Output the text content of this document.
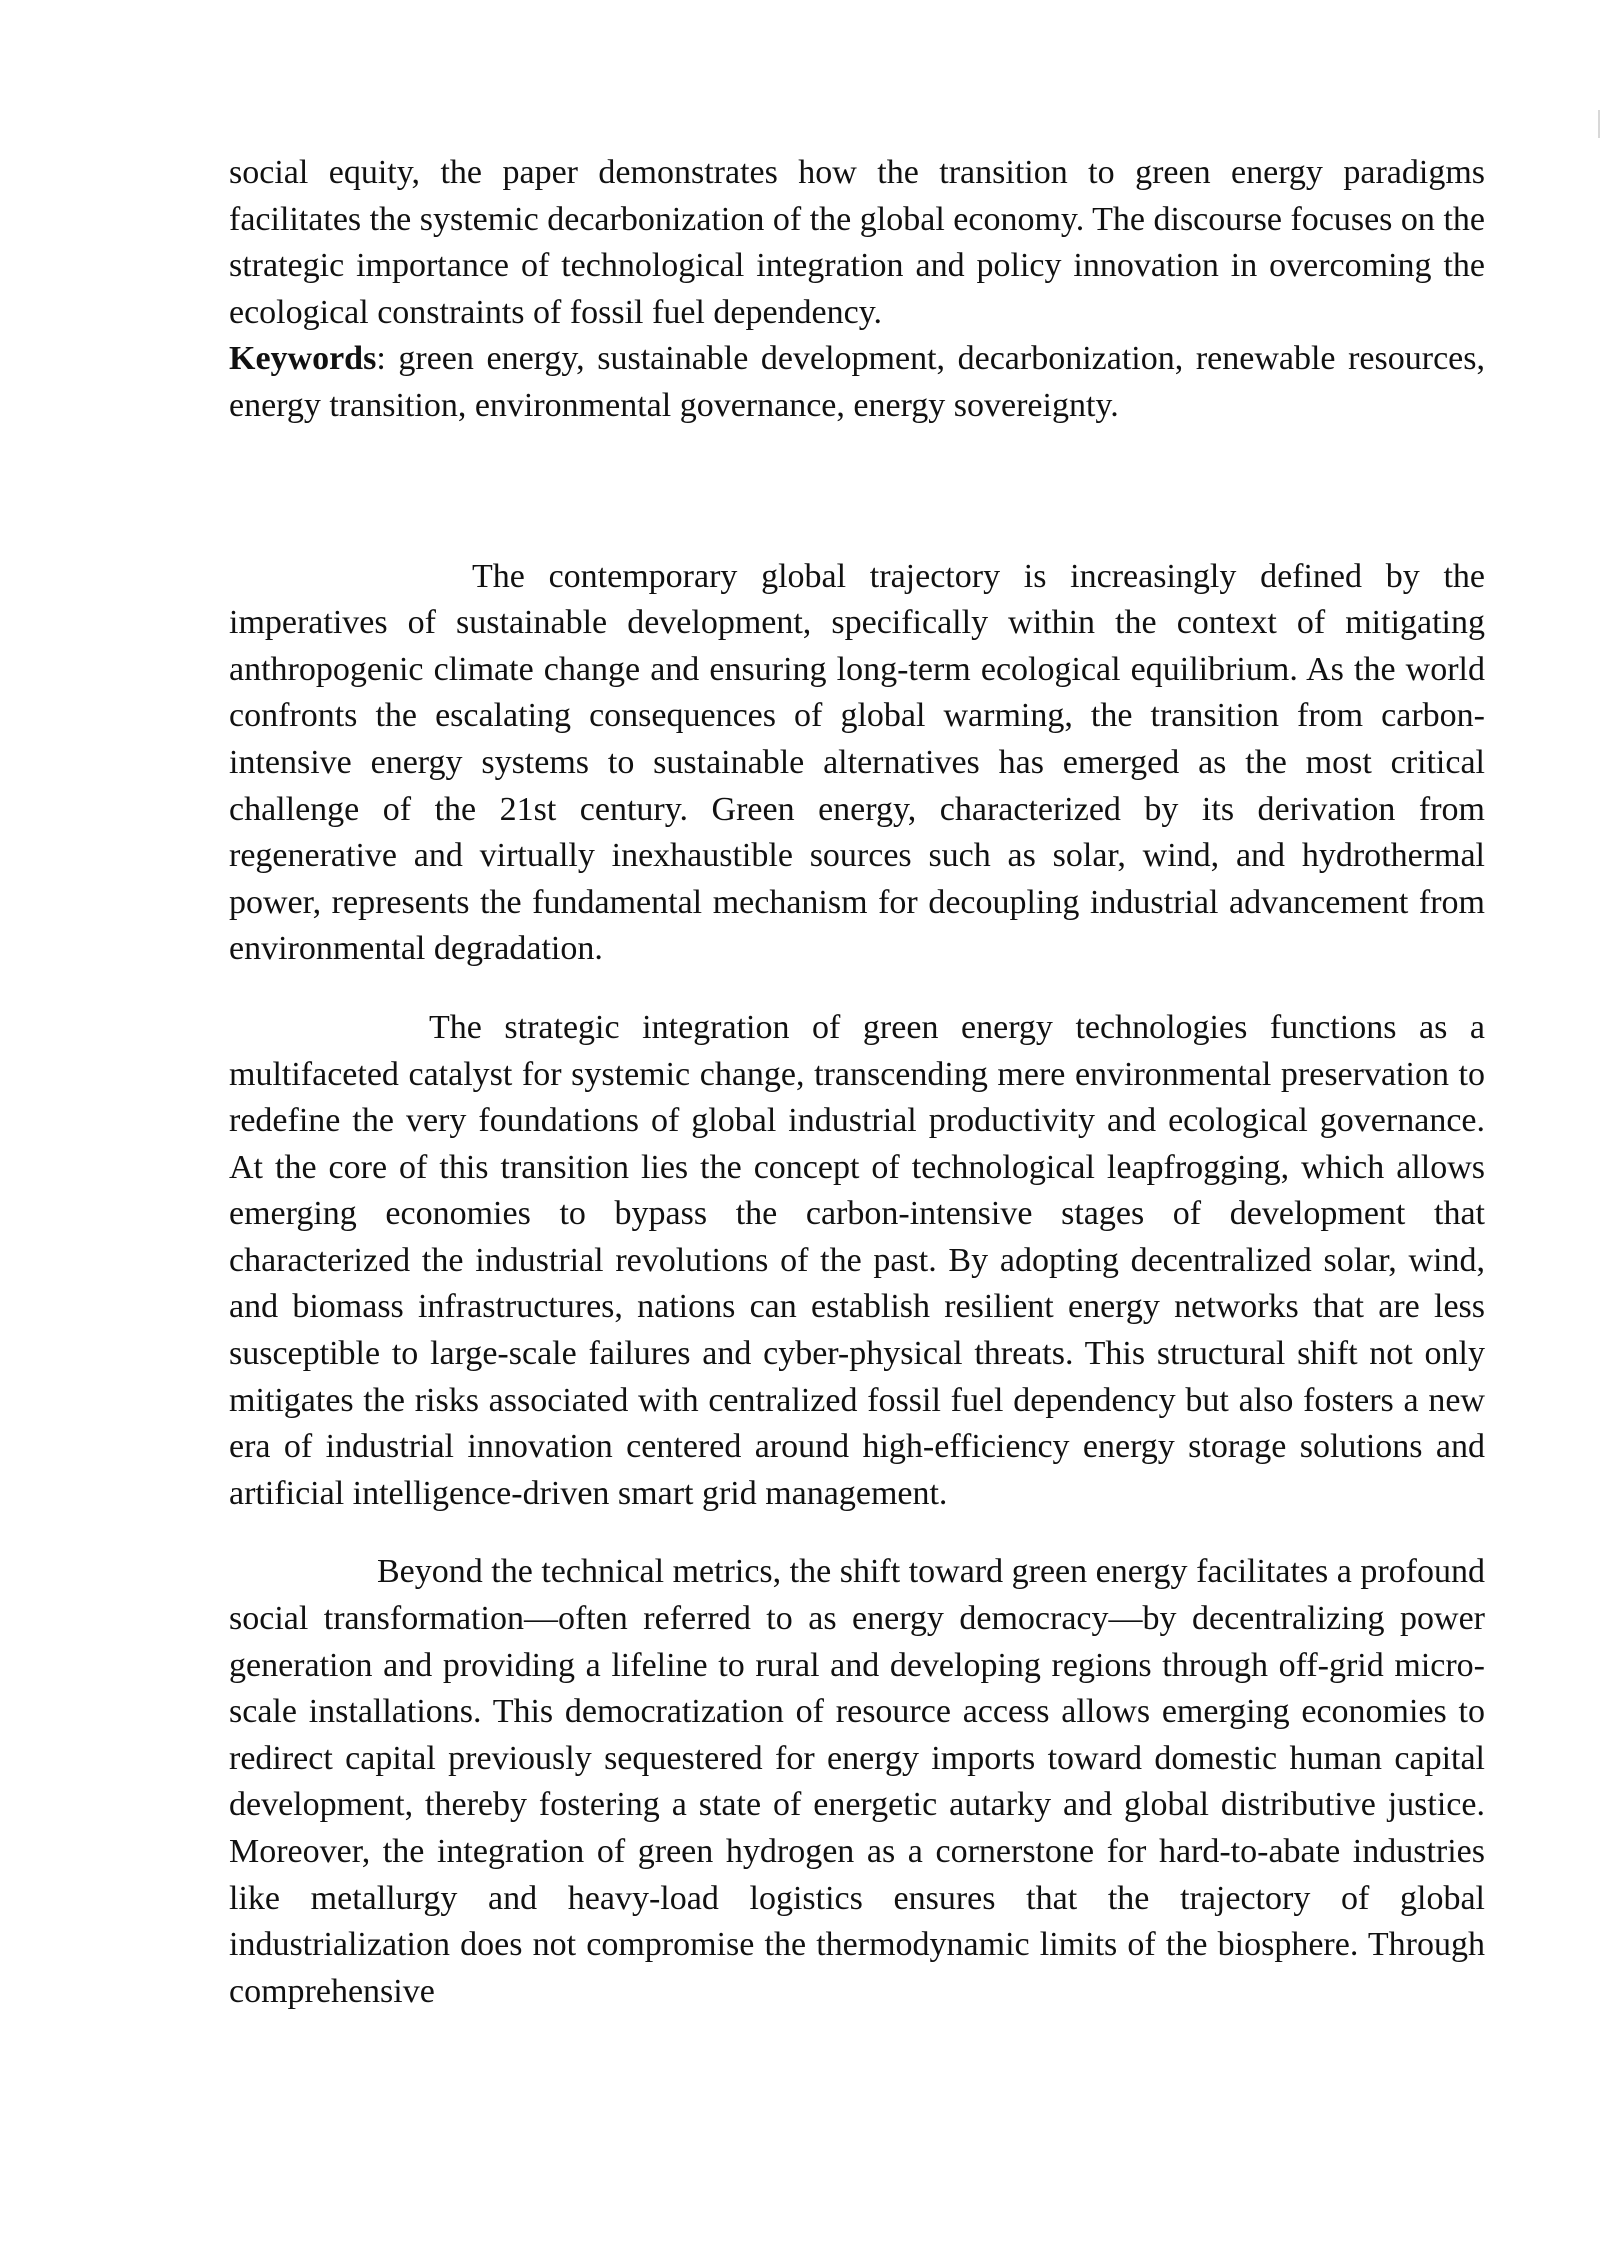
social equity, the paper demonstrates how the transition to green energy paradigms facilitates the systemic decarbonization of the global economy. The discourse focuses on the strategic importance of technological integration and policy innovation in overcoming the ecological constraints of fossil fuel dependency.

Keywords: green energy, sustainable development, decarbonization, renewable resources, energy transition, environmental governance, energy sovereignty.

The contemporary global trajectory is increasingly defined by the imperatives of sustainable development, specifically within the context of mitigating anthropogenic climate change and ensuring long-term ecological equilibrium. As the world confronts the escalating consequences of global warming, the transition from carbon-intensive energy systems to sustainable alternatives has emerged as the most critical challenge of the 21st century. Green energy, characterized by its derivation from regenerative and virtually inexhaustible sources such as solar, wind, and hydrothermal power, represents the fundamental mechanism for decoupling industrial advancement from environmental degradation.

The strategic integration of green energy technologies functions as a multifaceted catalyst for systemic change, transcending mere environmental preservation to redefine the very foundations of global industrial productivity and ecological governance. At the core of this transition lies the concept of technological leapfrogging, which allows emerging economies to bypass the carbon-intensive stages of development that characterized the industrial revolutions of the past. By adopting decentralized solar, wind, and biomass infrastructures, nations can establish resilient energy networks that are less susceptible to large-scale failures and cyber-physical threats. This structural shift not only mitigates the risks associated with centralized fossil fuel dependency but also fosters a new era of industrial innovation centered around high-efficiency energy storage solutions and artificial intelligence-driven smart grid management.

Beyond the technical metrics, the shift toward green energy facilitates a profound social transformation—often referred to as energy democracy—by decentralizing power generation and providing a lifeline to rural and developing regions through off-grid micro-scale installations. This democratization of resource access allows emerging economies to redirect capital previously sequestered for energy imports toward domestic human capital development, thereby fostering a state of energetic autarky and global distributive justice. Moreover, the integration of green hydrogen as a cornerstone for hard-to-abate industries like metallurgy and heavy-load logistics ensures that the trajectory of global industrialization does not compromise the thermodynamic limits of the biosphere. Through comprehensive
